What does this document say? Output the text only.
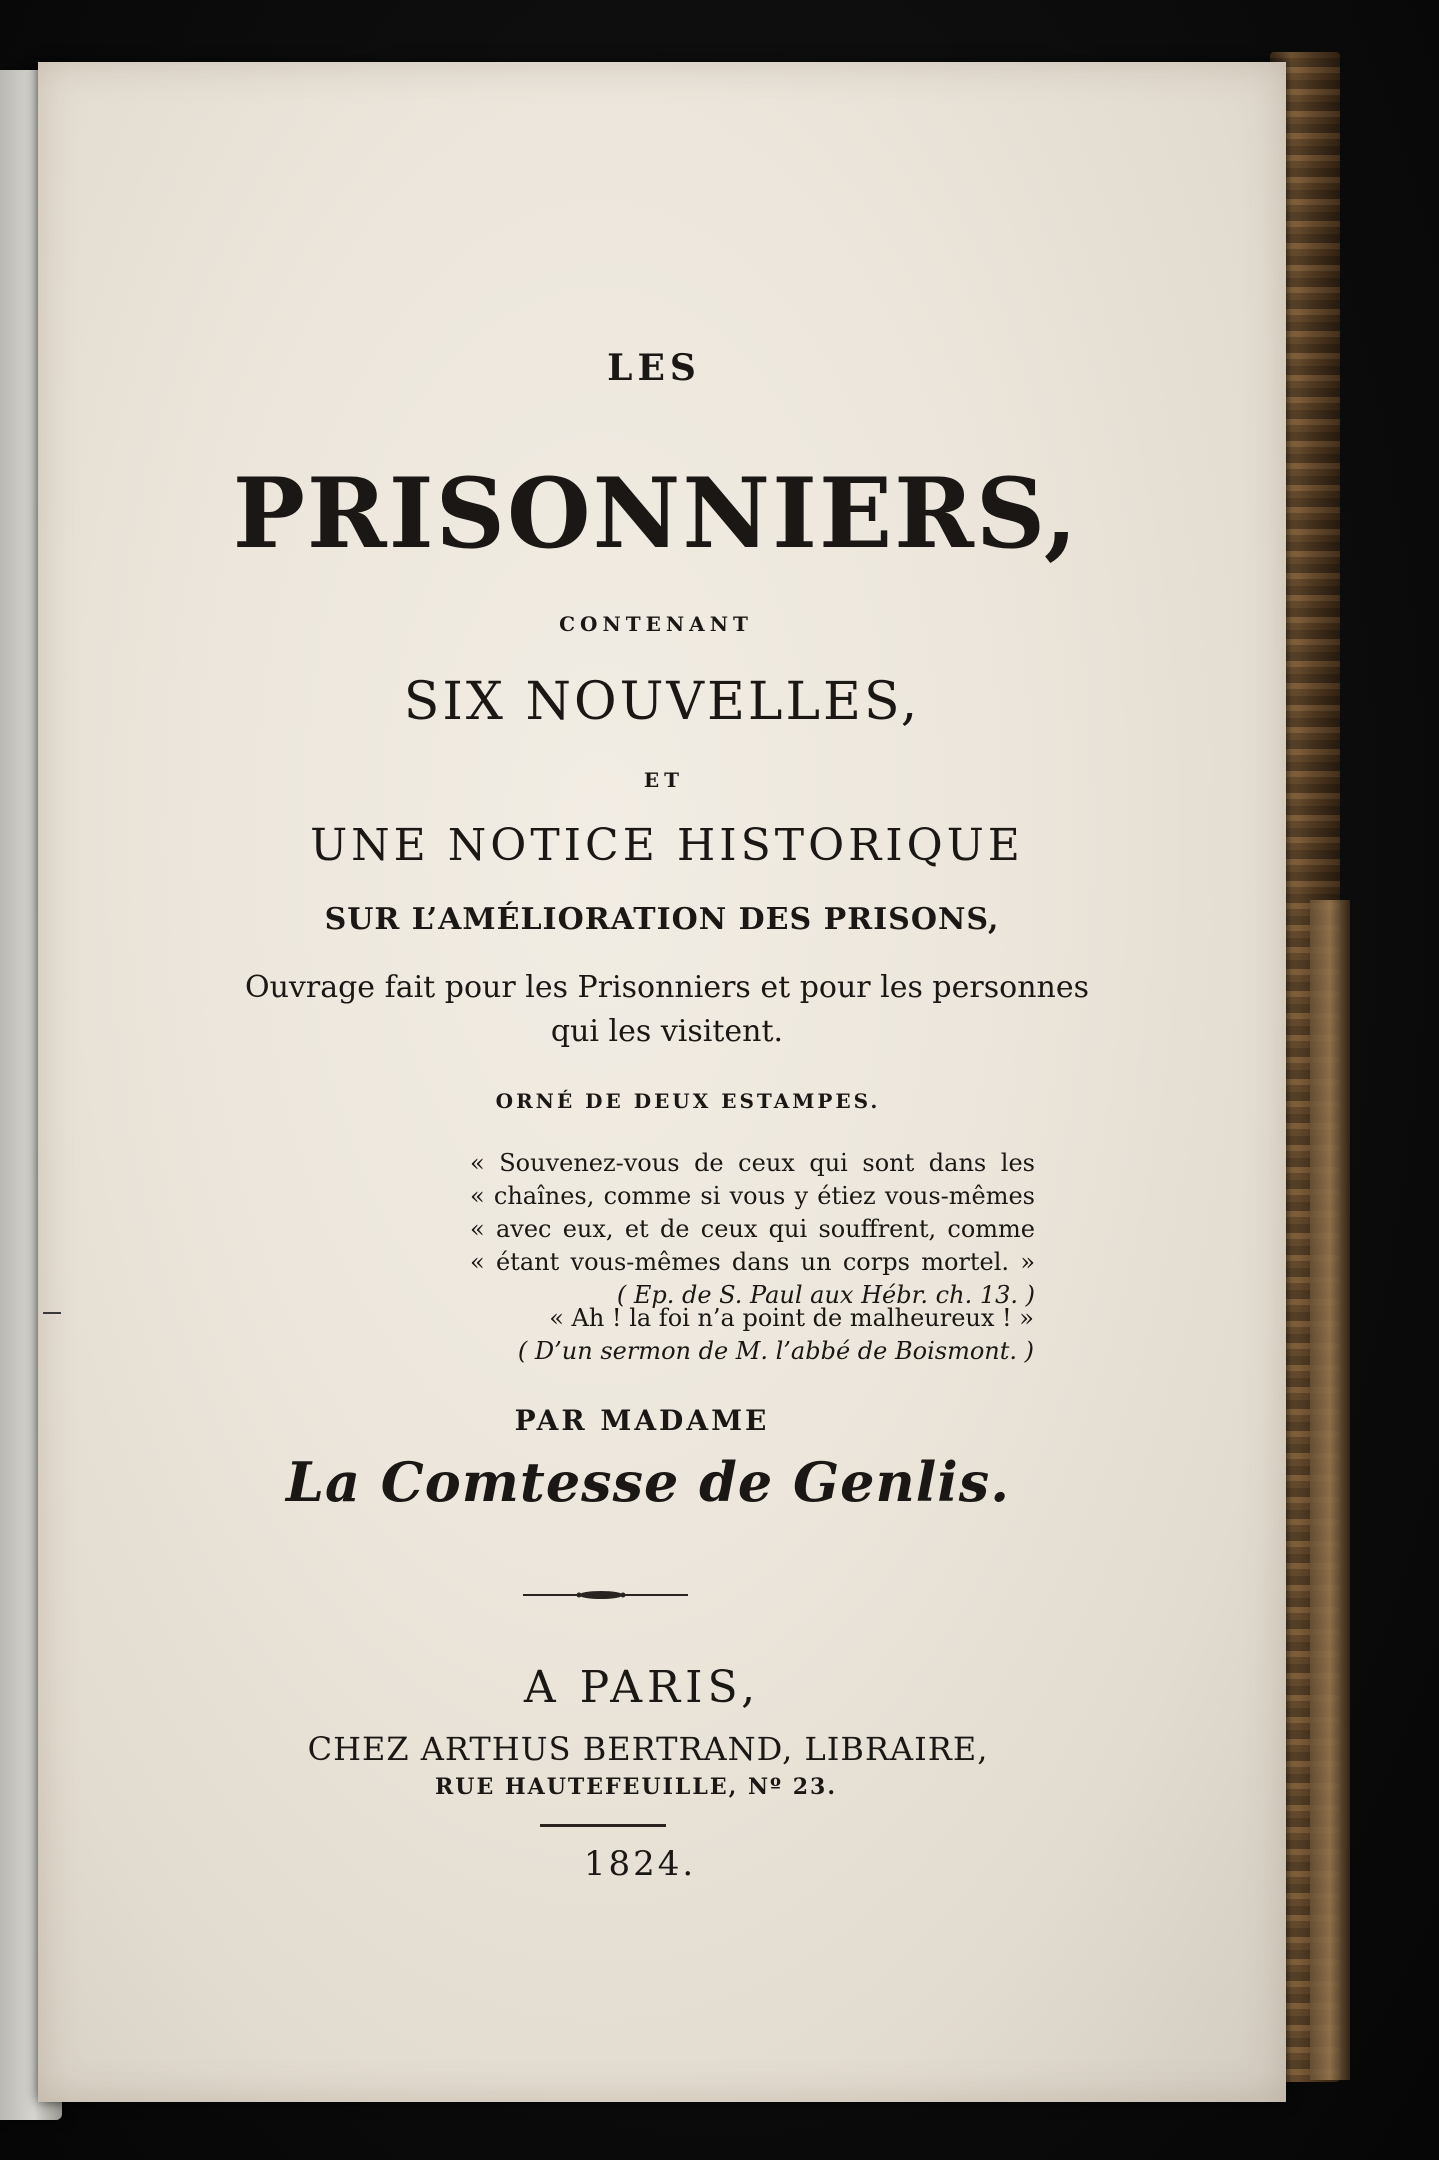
LES
PRISONNIERS,
CONTENANT
SIX NOUVELLES,
ET
UNE NOTICE HISTORIQUE
SUR L’AMÉLIORATION DES PRISONS,
Ouvrage fait pour les Prisonniers et pour les personnes
qui les visitent.
ORNÉ DE DEUX ESTAMPES.
« Souvenez-vous de ceux qui sont dans les
« chaînes, comme si vous y étiez vous-mêmes
« avec eux, et de ceux qui souffrent, comme
« étant vous-mêmes dans un corps mortel. »
( Ep. de S. Paul aux Hébr. ch. 13. )
« Ah ! la foi n’a point de malheureux ! »
( D’un sermon de M. l’abbé de Boismont. )
PAR MADAME
La Comtesse de Genlis.
A PARIS,
CHEZ ARTHUS BERTRAND, LIBRAIRE,
RUE HAUTEFEUILLE, Nº 23.
1824.
